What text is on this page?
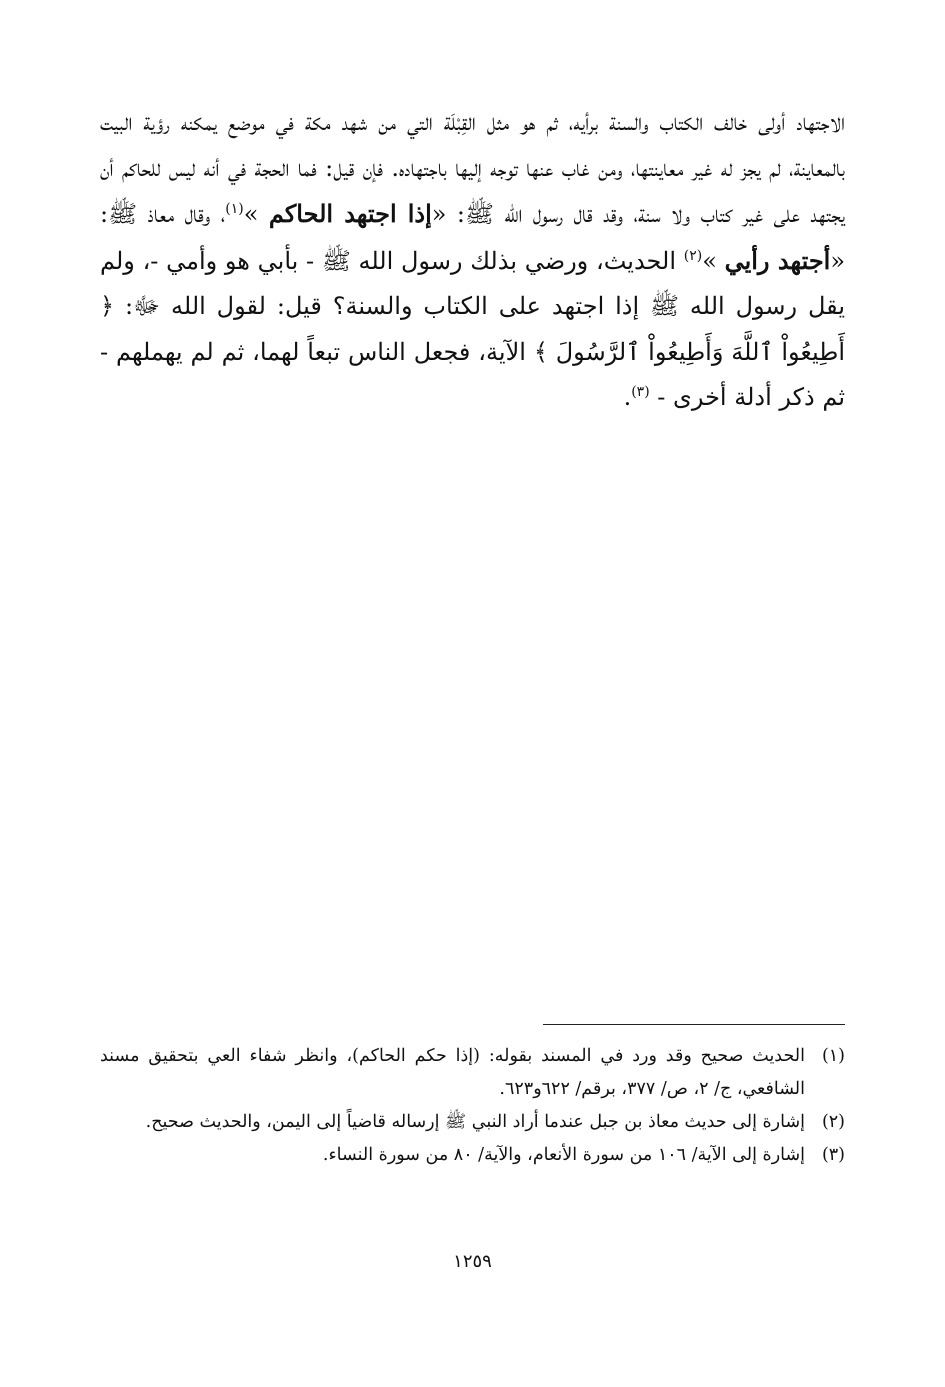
الاجتهاد أولى خالف الكتاب والسنة برأيه، ثم هو مثل القِبْلَة التي من شهد مكة في موضع يمكنه رؤية البيت بالمعاينة، لم يجز له غير معاينتها، ومن غاب عنها توجه إليها باجتهاده. فإن قيل: فما الحجة في أنه ليس للحاكم أن يجتهد على غير كتاب ولا سنة، وقد قال رسول الله ﷺ: «إذا اجتهد الحاكم »$^{(١)}$، وقال معاذ ﷺ: «أجتهد رأيي »$^{(٢)}$ الحديث، ورضي بذلك رسول الله ﷺ - بأبي هو وأمي -، ولم يقل رسول الله ﷺ إذا اجتهد على الكتاب والسنة؟ قيل: لقول الله ﷻ: ﴿ أَطِيعُواْ ٱللَّهَ وَأَطِيعُواْ ٱلرَّسُولَ ﴾ الآية، فجعل الناس تبعاً لهما، ثم لم يهملهم - ثم ذكر أدلة أخرى - $^{(٣)}$.

(١)
الحديث صحيح وقد ورد في المسند بقوله: (إذا حكم الحاكم)، وانظر شفاء العي بتحقيق مسند الشافعي، ج/ ٢، ص/ ٣٧٧، برقم/ ٦٢٢و٦٢٣.
(٢)
إشارة إلى حديث معاذ بن جبل عندما أراد النبي ﷺ إرساله قاضياً إلى اليمن، والحديث صحيح.
(٣)
إشارة إلى الآية/ ١٠٦ من سورة الأنعام، والآية/ ٨٠ من سورة النساء.
١٢٥٩
